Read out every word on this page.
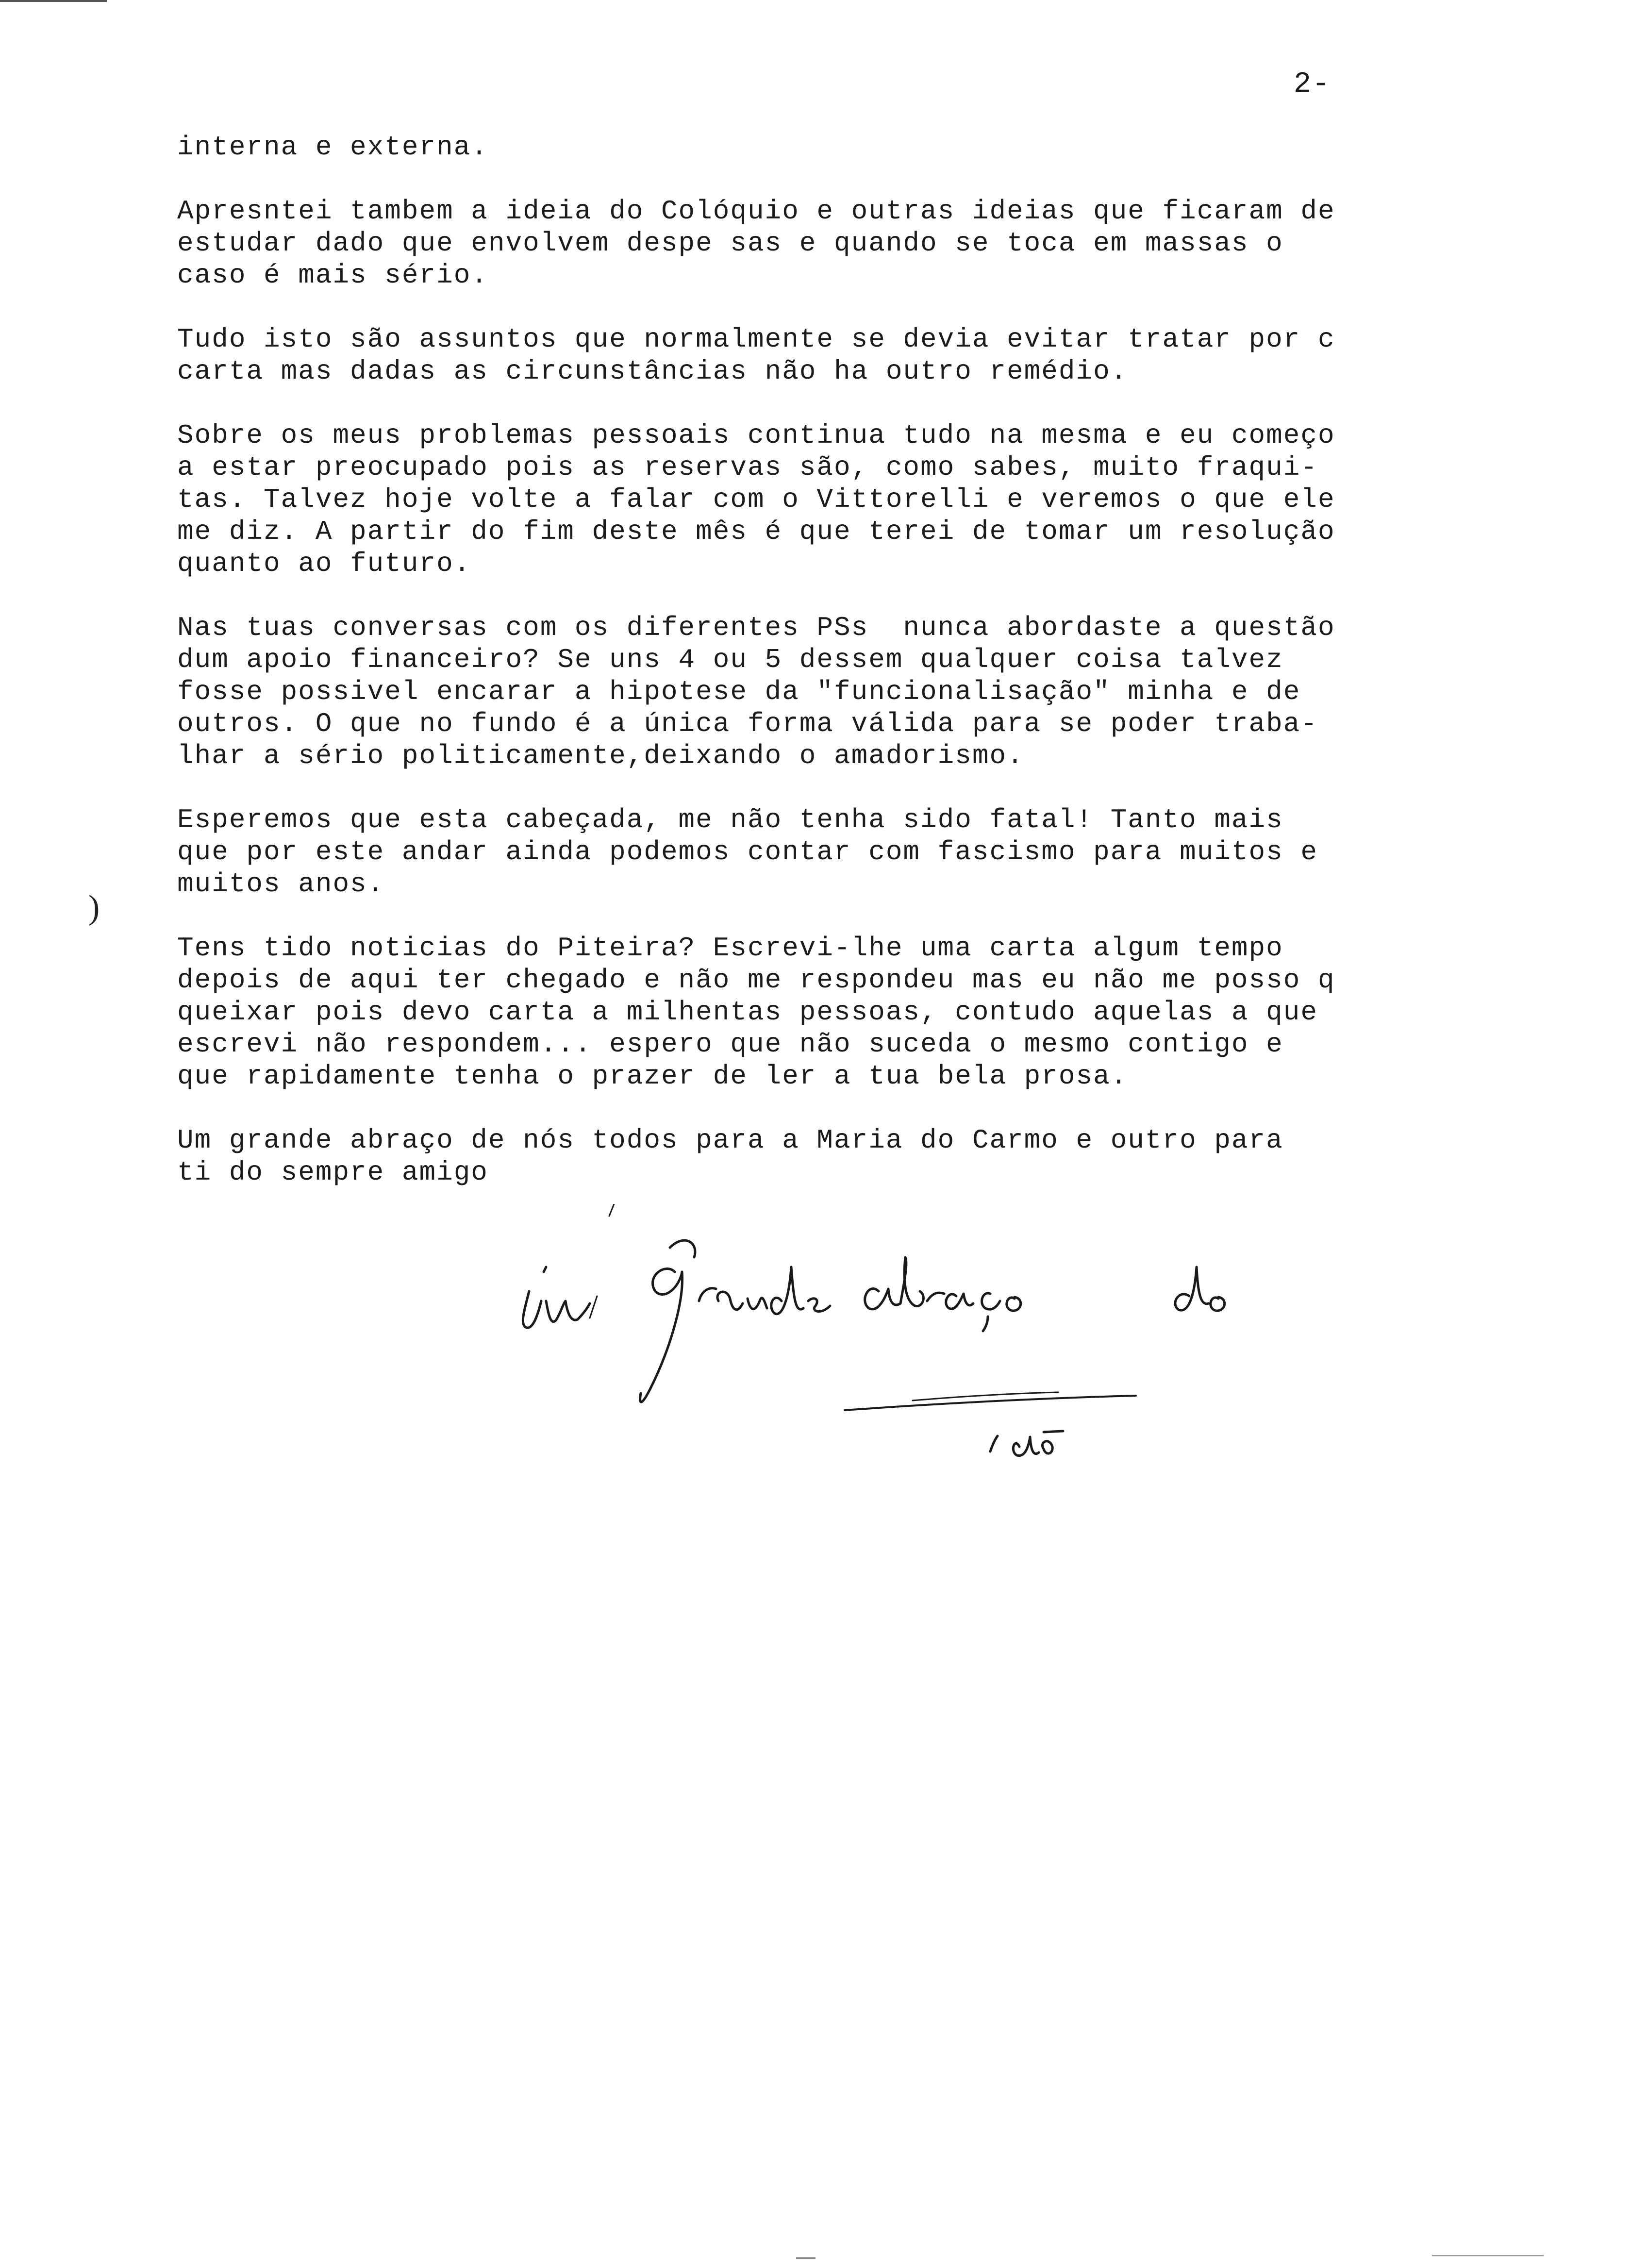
2-
interna e externa.
Apresntei tambem a ideia do Colóquio e outras ideias que ficaram de
estudar dado que envolvem despe sas e quando se toca em massas o
caso é mais sério.
Tudo isto são assuntos que normalmente se devia evitar tratar por c
carta mas dadas as circunstâncias não ha outro remédio.
Sobre os meus problemas pessoais continua tudo na mesma e eu começo
a estar preocupado pois as reservas são, como sabes, muito fraqui-
tas. Talvez hoje volte a falar com o Vittorelli e veremos o que ele
me diz. A partir do fim deste mês é que terei de tomar um resolução
quanto ao futuro.
Nas tuas conversas com os diferentes PSs  nunca abordaste a questão
dum apoio financeiro? Se uns 4 ou 5 dessem qualquer coisa talvez
fosse possivel encarar a hipotese da "funcionalisação" minha e de
outros. O que no fundo é a única forma válida para se poder traba-
lhar a sério politicamente,deixando o amadorismo.
Esperemos que esta cabeçada, me não tenha sido fatal! Tanto mais
que por este andar ainda podemos contar com fascismo para muitos e
muitos anos.
Tens tido noticias do Piteira? Escrevi-lhe uma carta algum tempo
depois de aqui ter chegado e não me respondeu mas eu não me posso q
queixar pois devo carta a milhentas pessoas, contudo aquelas a que
escrevi não respondem... espero que não suceda o mesmo contigo e
que rapidamente tenha o prazer de ler a tua bela prosa.
Um grande abraço de nós todos para a Maria do Carmo e outro para
ti do sempre amigo
)
